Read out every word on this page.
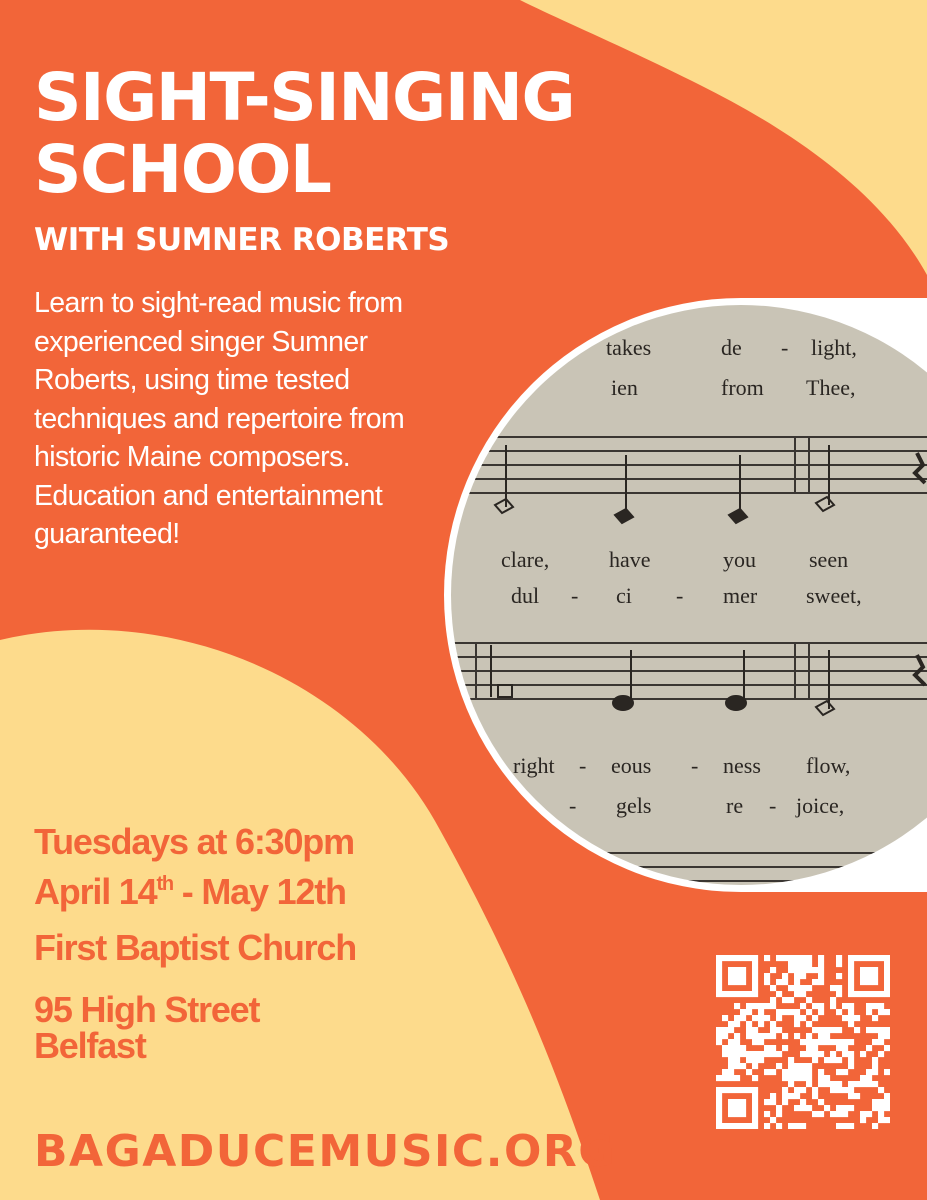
SIGHT-SINGING
SCHOOL
WITH SUMNER ROBERTS
Learn to sight-read music from experienced singer Sumner Roberts, using time tested techniques and repertoire from historic Maine composers. Education and entertainment guaranteed!
takes	de - light,
ien	from Thee,
clare,	have	you seen
dul - ci - mer sweet,
right - eous - ness flow,
- gels	re - joice,
Tuesdays at 6:30pm
April 14th - May 12th
First Baptist Church
95 High Street
Belfast
BAGADUCEMUSIC.ORG
